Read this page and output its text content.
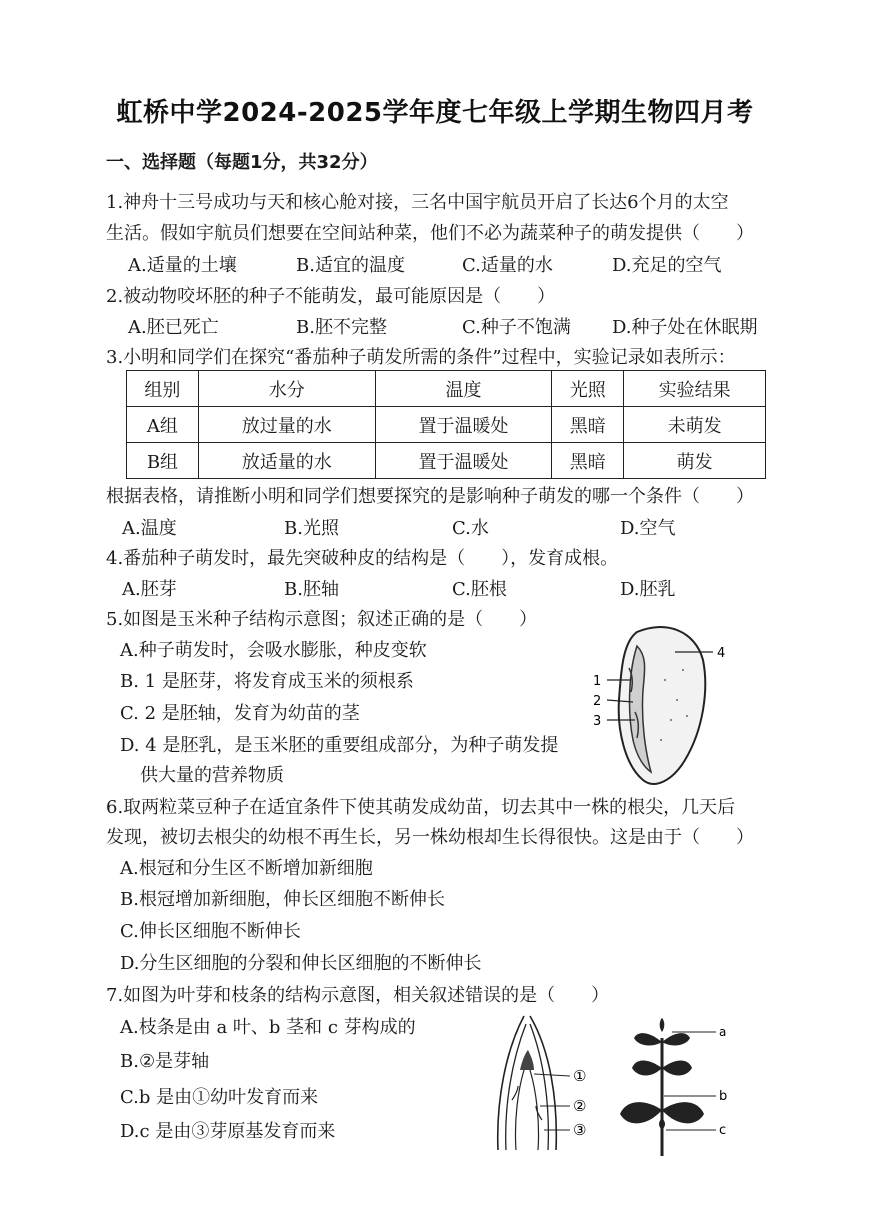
虹桥中学2024-2025学年度七年级上学期生物四月考
一、选择题（每题1分，共32分）
1.神舟十三号成功与天和核心舱对接，三名中国宇航员开启了长达6个月的太空
生活。假如宇航员们想要在空间站种菜，他们不必为蔬菜种子的萌发提供（　　）
A.适量的土壤	B.适宜的温度	C.适量的水	D.充足的空气
2.被动物咬坏胚的种子不能萌发，最可能原因是（　　）
A.胚已死亡	B.胚不完整	C.种子不饱满 D.种子处在休眠期
3.小明和同学们在探究“番茄种子萌发所需的条件”过程中，实验记录如表所示：
组别	水分	温度	光照	实验结果
A组	放过量的水	置于温暖处	黑暗	未萌发
B组	放适量的水	置于温暖处	黑暗	萌发
根据表格，请推断小明和同学们想要探究的是影响种子萌发的哪一个条件（　　）
A.温度	B.光照	C.水	D.空气
4.番茄种子萌发时，最先突破种皮的结构是（　　），发育成根。
A.胚芽	B.胚轴	C.胚根	D.胚乳
5.如图是玉米种子结构示意图；叙述正确的是（　　）
A.种子萌发时，会吸水膨胀，种皮变软
B. 1 是胚芽，将发育成玉米的须根系
C. 2 是胚轴，发育为幼苗的茎
D. 4 是胚乳，是玉米胚的重要组成部分，为种子萌发提
供大量的营养物质
4
1
2
3
6.取两粒菜豆种子在适宜条件下使其萌发成幼苗，切去其中一株的根尖，几天后
发现，被切去根尖的幼根不再生长，另一株幼根却生长得很快。这是由于（　　）
A.根冠和分生区不断增加新细胞
B.根冠增加新细胞，伸长区细胞不断伸长
C.伸长区细胞不断伸长
D.分生区细胞的分裂和伸长区细胞的不断伸长
7.如图为叶芽和枝条的结构示意图，相关叙述错误的是（　　）
A.枝条是由 a 叶、b 茎和 c 芽构成的
B.②是芽轴
C.b 是由①幼叶发育而来
D.c 是由③芽原基发育而来
①
②
③
a
b
c
